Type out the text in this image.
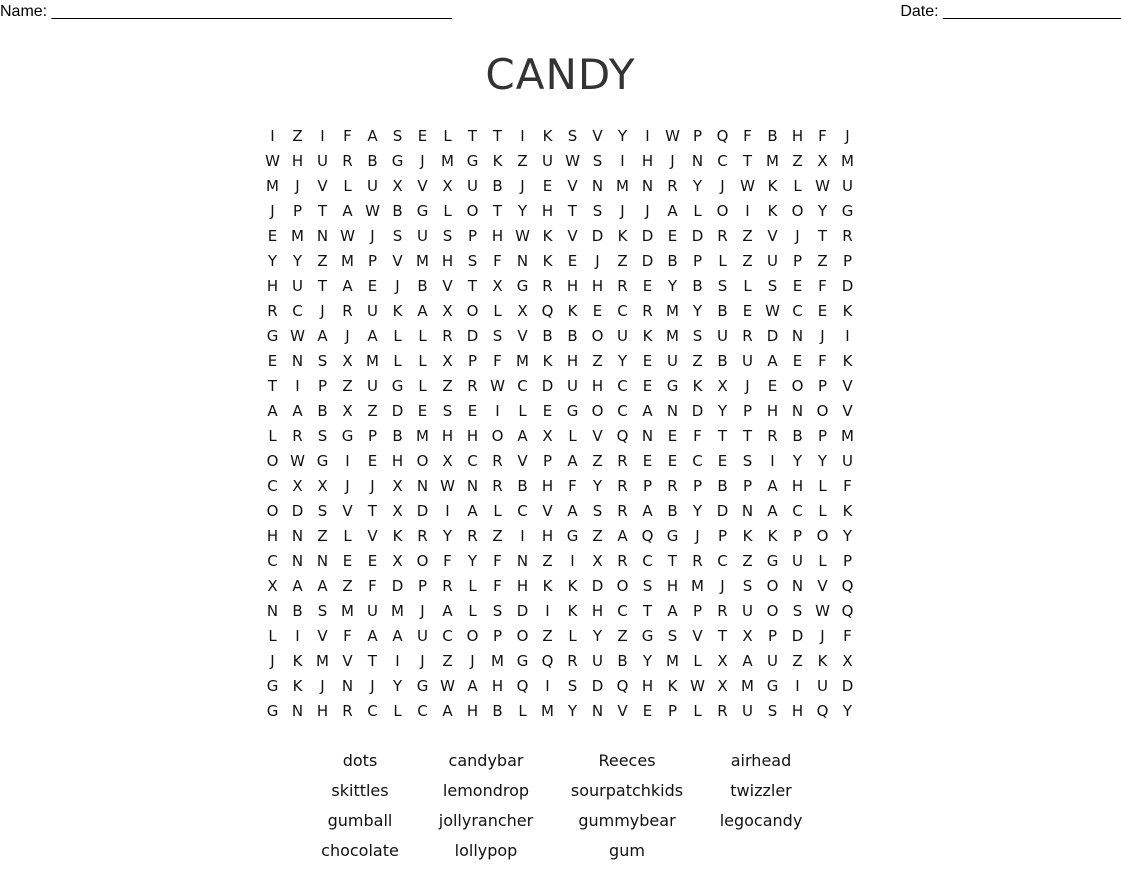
Name: _____________________________________________	Date: ____________________
CANDY
I	Z	I	F	A	S	E	L	T	T	I	K	S	V	Y	I	W	P	Q	F	B	H	F	J
W	H	U	R	B	G	J	M	G	K	Z	U	W	S	I	H	J	N	C	T	M	Z	X	M
M	J	V	L	U	X	V	X	U	B	J	E	V	N	M	N	R	Y	J	W	K	L	W	U
J	P	T	A	W	B	G	L	O	T	Y	H	T	S	J	J	A	L	O	I	K	O	Y	G
E	M	N	W	J	S	U	S	P	H	W	K	V	D	K	D	E	D	R	Z	V	J	T	R
Y	Y	Z	M	P	V	M	H	S	F	N	K	E	J	Z	D	B	P	L	Z	U	P	Z	P
H	U	T	A	E	J	B	V	T	X	G	R	H	H	R	E	Y	B	S	L	S	E	F	D
R	C	J	R	U	K	A	X	O	L	X	Q	K	E	C	R	M	Y	B	E	W	C	E	K
G	W	A	J	A	L	L	R	D	S	V	B	B	O	U	K	M	S	U	R	D	N	J	I
E	N	S	X	M	L	L	X	P	F	M	K	H	Z	Y	E	U	Z	B	U	A	E	F	K
T	I	P	Z	U	G	L	Z	R	W	C	D	U	H	C	E	G	K	X	J	E	O	P	V
A	A	B	X	Z	D	E	S	E	I	L	E	G	O	C	A	N	D	Y	P	H	N	O	V
L	R	S	G	P	B	M	H	H	O	A	X	L	V	Q	N	E	F	T	T	R	B	P	M
O	W	G	I	E	H	O	X	C	R	V	P	A	Z	R	E	E	C	E	S	I	Y	Y	U
C	X	X	J	J	X	N	W	N	R	B	H	F	Y	R	P	R	P	B	P	A	H	L	F
O	D	S	V	T	X	D	I	A	L	C	V	A	S	R	A	B	Y	D	N	A	C	L	K
H	N	Z	L	V	K	R	Y	R	Z	I	H	G	Z	A	Q	G	J	P	K	K	P	O	Y
C	N	N	E	E	X	O	F	Y	F	N	Z	I	X	R	C	T	R	C	Z	G	U	L	P
X	A	A	Z	F	D	P	R	L	F	H	K	K	D	O	S	H	M	J	S	O	N	V	Q
N	B	S	M	U	M	J	A	L	S	D	I	K	H	C	T	A	P	R	U	O	S	W	Q
L	I	V	F	A	A	U	C	O	P	O	Z	L	Y	Z	G	S	V	T	X	P	D	J	F
J	K	M	V	T	I	J	Z	J	M	G	Q	R	U	B	Y	M	L	X	A	U	Z	K	X
G	K	J	N	J	Y	G	W	A	H	Q	I	S	D	Q	H	K	W	X	M	G	I	U	D
G	N	H	R	C	L	C	A	H	B	L	M	Y	N	V	E	P	L	R	U	S	H	Q	Y
dots	candybar	Reeces	airhead
skittles	lemondrop	sourpatchkids	twizzler
gumball	jollyrancher	gummybear	legocandy
chocolate	lollypop	gum
